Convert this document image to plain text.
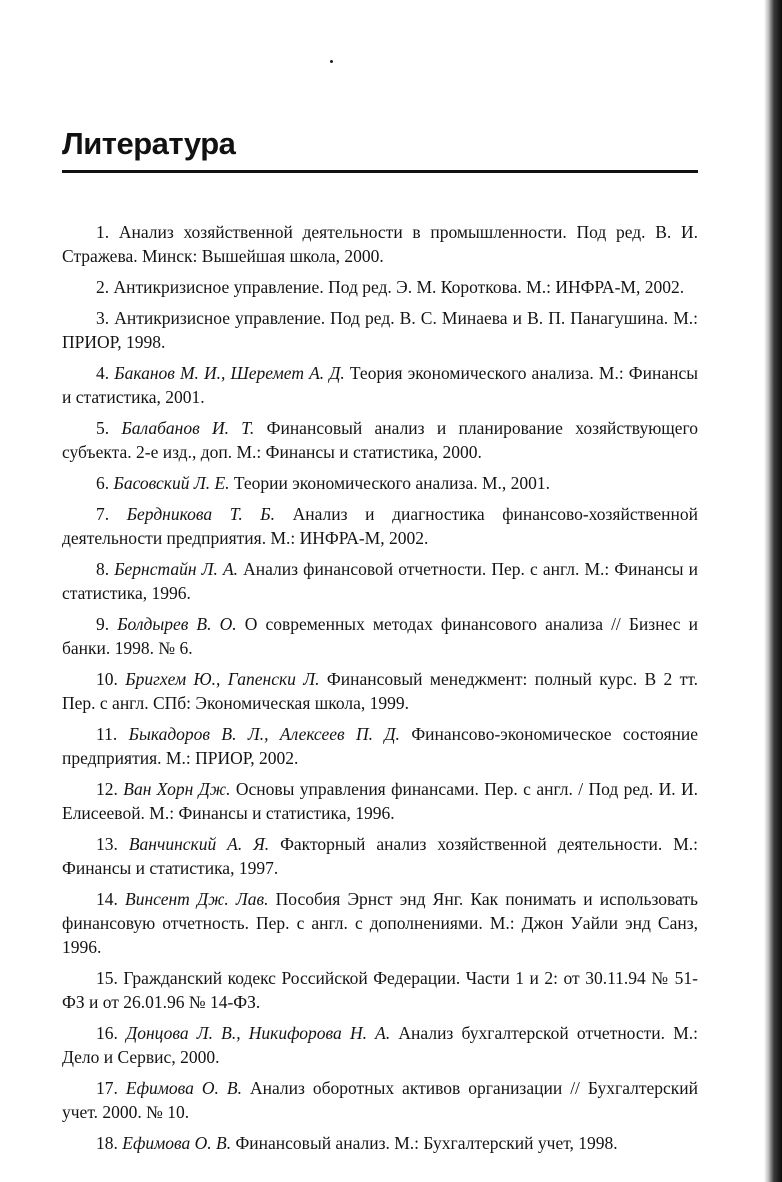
Литература
1. Анализ хозяйственной деятельности в промышленности. Под ред. В. И. Стражева. Минск: Вышейшая школа, 2000.
2. Антикризисное управление. Под ред. Э. М. Короткова. М.: ИНФРА-М, 2002.
3. Антикризисное управление. Под ред. В. С. Минаева и В. П. Панагушина. М.: ПРИОР, 1998.
4. Баканов М. И., Шеремет А. Д. Теория экономического анализа. М.: Финансы и статистика, 2001.
5. Балабанов И. Т. Финансовый анализ и планирование хозяйствующего субъекта. 2-е изд., доп. М.: Финансы и статистика, 2000.
6. Басовский Л. Е. Теории экономического анализа. М., 2001.
7. Бердникова Т. Б. Анализ и диагностика финансово-хозяйственной деятельности предприятия. М.: ИНФРА-М, 2002.
8. Бернстайн Л. А. Анализ финансовой отчетности. Пер. с англ. М.: Финансы и статистика, 1996.
9. Болдырев В. О. О современных методах финансового анализа // Бизнес и банки. 1998. № 6.
10. Бригхем Ю., Гапенски Л. Финансовый менеджмент: полный курс. В 2 тт. Пер. с англ. СПб: Экономическая школа, 1999.
11. Быкадоров В. Л., Алексеев П. Д. Финансово-экономическое состояние предприятия. М.: ПРИОР, 2002.
12. Ван Хорн Дж. Основы управления финансами. Пер. с англ. / Под ред. И. И. Елисеевой. М.: Финансы и статистика, 1996.
13. Ванчинский А. Я. Факторный анализ хозяйственной деятельности. М.: Финансы и статистика, 1997.
14. Винсент Дж. Лав. Пособия Эрнст энд Янг. Как понимать и использовать финансовую отчетность. Пер. с англ. с дополнениями. М.: Джон Уайли энд Санз, 1996.
15. Гражданский кодекс Российской Федерации. Части 1 и 2: от 30.11.94 № 51-ФЗ и от 26.01.96 № 14-ФЗ.
16. Донцова Л. В., Никифорова Н. А. Анализ бухгалтерской отчетности. М.: Дело и Сервис, 2000.
17. Ефимова О. В. Анализ оборотных активов организации // Бухгалтерский учет. 2000. № 10.
18. Ефимова О. В. Финансовый анализ. М.: Бухгалтерский учет, 1998.
